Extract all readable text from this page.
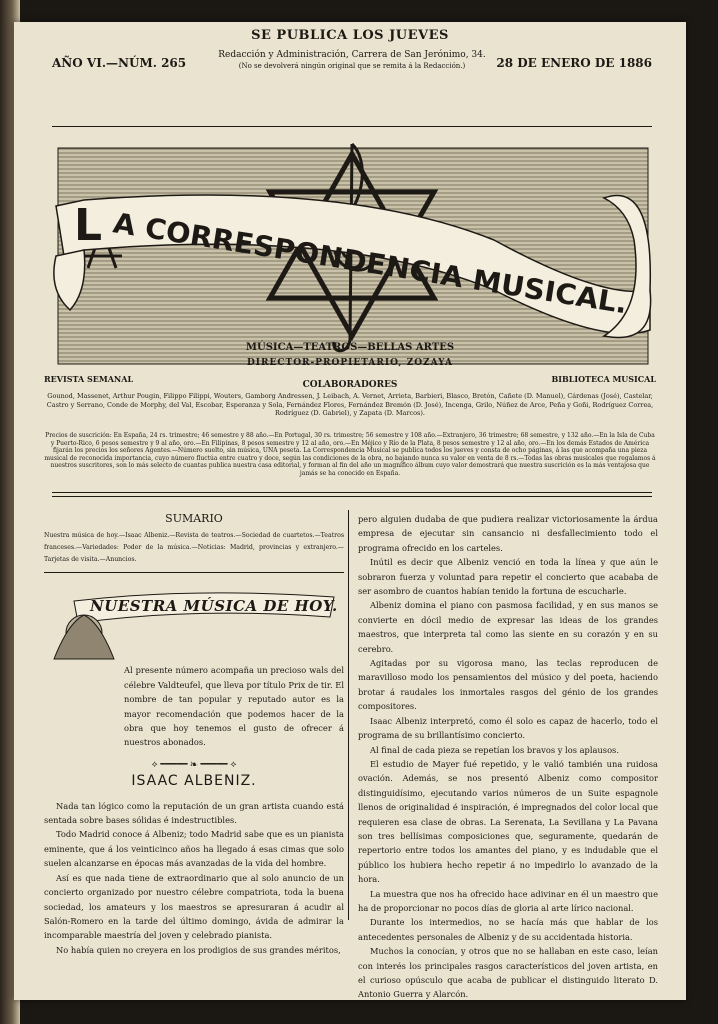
SE PUBLICA LOS JUEVES
AÑO VI.—NÚM. 265
Redacción y Administración, Carrera de San Jerónimo, 34.
(No se devolverá ningún original que se remita á la Redacción.)	28 DE ENERO DE 1886
L A CORRESPONDENCIA MUSICAL.
MÚSICA—TEATROS—BELLAS ARTES
DIRECTOR-PROPIETARIO, ZOZAYA
REVISTA SEMANAL	BIBLIOTECA MUSICAL
COLABORADORES
Gounod, Massenet, Arthur Pougin, Filippo Filippi, Wouters, Gamborg Andressen, J. Leibach, A. Vernet, Arrieta, Barbieri, Blasco, Bretón, Cañete (D. Manuel), Cárdenas (José), Castelar, Castro y Serrano, Conde de Morphy, del Val, Escobar, Esperanza y Sola, Fernández Flores, Fernández Bremón (D. José), Incenga, Grilo, Núñez de Arce, Peña y Goñi, Rodríguez Correa, Rodríguez (D. Gabriel), y Zapata (D. Marcos).
Precios de suscrición: En España, 24 rs. trimestre; 46 semestre y 88 año.—En Portugal, 30 rs. trimestre; 56 semestre y 108 año.—Extranjero, 36 trimestre; 68 semestre, y 132 año.—En la Isla de Cuba y Puerto-Rico, 6 pesos semestre y 9 al año, oro.—En Filipinas, 8 pesos semestre y 12 al año, oro.—En Méjico y Río de la Plata, 8 pesos semestre y 12 al año, oro.—En los demás Estados de América fijarán los precios los señores Agentes.—Número suelto, sin música, UNA peseta. La Correspondencia Musical se publica todos los jueves y consta de ocho páginas, á las que acompaña una pieza musical de reconocida importancia, cuyo número fluctúa entre cuatro y doce, según las condiciones de la obra, no bajando nunca su valor en venta de 8 rs.—Todas las obras musicales que regalamos á nuestros suscritores, son lo más selecto de cuantas publica nuestra casa editorial, y forman al fin del año un magnífico álbum cuyo valor demostrará que nuestra suscrición es la más ventajosa que jamás se ha conocido en España.
SUMARIO
Nuestra música de hoy.—Isaac Albeniz.—Revista de teatros.—Sociedad de cuartetos.—Teatros franceses.—Variedades: Poder de la música.—Noticias: Madrid, provincias y extranjero.—Tarjetas de visita.—Anuncios.
NUESTRA MÚSICA DE HOY.

Al presente número acompaña un precioso wals del célebre Valdteufel, que lleva por título Prix de tir. El nombre de tan popular y reputado autor es la mayor recomendación que podemos hacer de la obra que hoy tenemos el gusto de ofrecer á nuestros abonados.

⟡ ━━━━━ ❧ ━━━━━ ⟡
ISAAC ALBENIZ.

Nada tan lógico como la reputación de un gran artista cuando está sentada sobre bases sólidas é indestructibles.

Todo Madrid conoce á Albeniz; todo Madrid sabe que es un pianista eminente, que á los veinticinco años ha llegado á esas cimas que solo suelen alcanzarse en épocas más avanzadas de la vida del hombre.

Así es que nada tiene de extraordinario que al solo anuncio de un concierto organizado por nuestro célebre compatriota, toda la buena sociedad, los amateurs y los maestros se apresuraran á acudir al Salón-Romero en la tarde del último domingo, ávida de admirar la incomparable maestría del joven y celebrado pianista.

No había quien no creyera en los prodigios de sus grandes méritos,

pero alguien dudaba de que pudiera realizar victoriosamente la árdua empresa de ejecutar sin cansancio ni desfallecimiento todo el programa ofrecido en los carteles.

Inútil es decir que Albeniz venció en toda la línea y que aún le sobraron fuerza y voluntad para repetir el concierto que acababa de ser asombro de cuantos habían tenido la fortuna de escucharle.

Albeniz domina el piano con pasmosa facilidad, y en sus manos se convierte en dócil medio de expresar las ideas de los grandes maestros, que interpreta tal como las siente en su corazón y en su cerebro.

Agitadas por su vigorosa mano, las teclas reproducen de maravilloso modo los pensamientos del músico y del poeta, haciendo brotar á raudales los inmortales rasgos del génio de los grandes compositores.

Isaac Albeniz interpretó, como él solo es capaz de hacerlo, todo el programa de su brillantísimo concierto.

Al final de cada pieza se repetían los bravos y los aplausos.

El estudio de Mayer fué repetido, y le valió también una ruidosa ovación. Además, se nos presentó Albeniz como compositor distinguidísimo, ejecutando varios números de un Suite espagnole llenos de originalidad é inspiración, é impregnados del color local que requieren esa clase de obras. La Serenata, La Sevillana y La Pavana son tres bellísimas composiciones que, seguramente, quedarán de repertorio entre todos los amantes del piano, y es indudable que el público los hubiera hecho repetir á no impedirlo lo avanzado de la hora.

La muestra que nos ha ofrecido hace adivinar en él un maestro que ha de proporcionar no pocos días de gloria al arte lírico nacional.

Durante los intermedios, no se hacía más que hablar de los antecedentes personales de Albeniz y de su accidentada historia.

Muchos la conocían, y otros que no se hallaban en este caso, leían con interés los principales rasgos característicos del joven artista, en el curioso opúsculo que acaba de publicar el distinguido literato D. Antonio Guerra y Alarcón.
